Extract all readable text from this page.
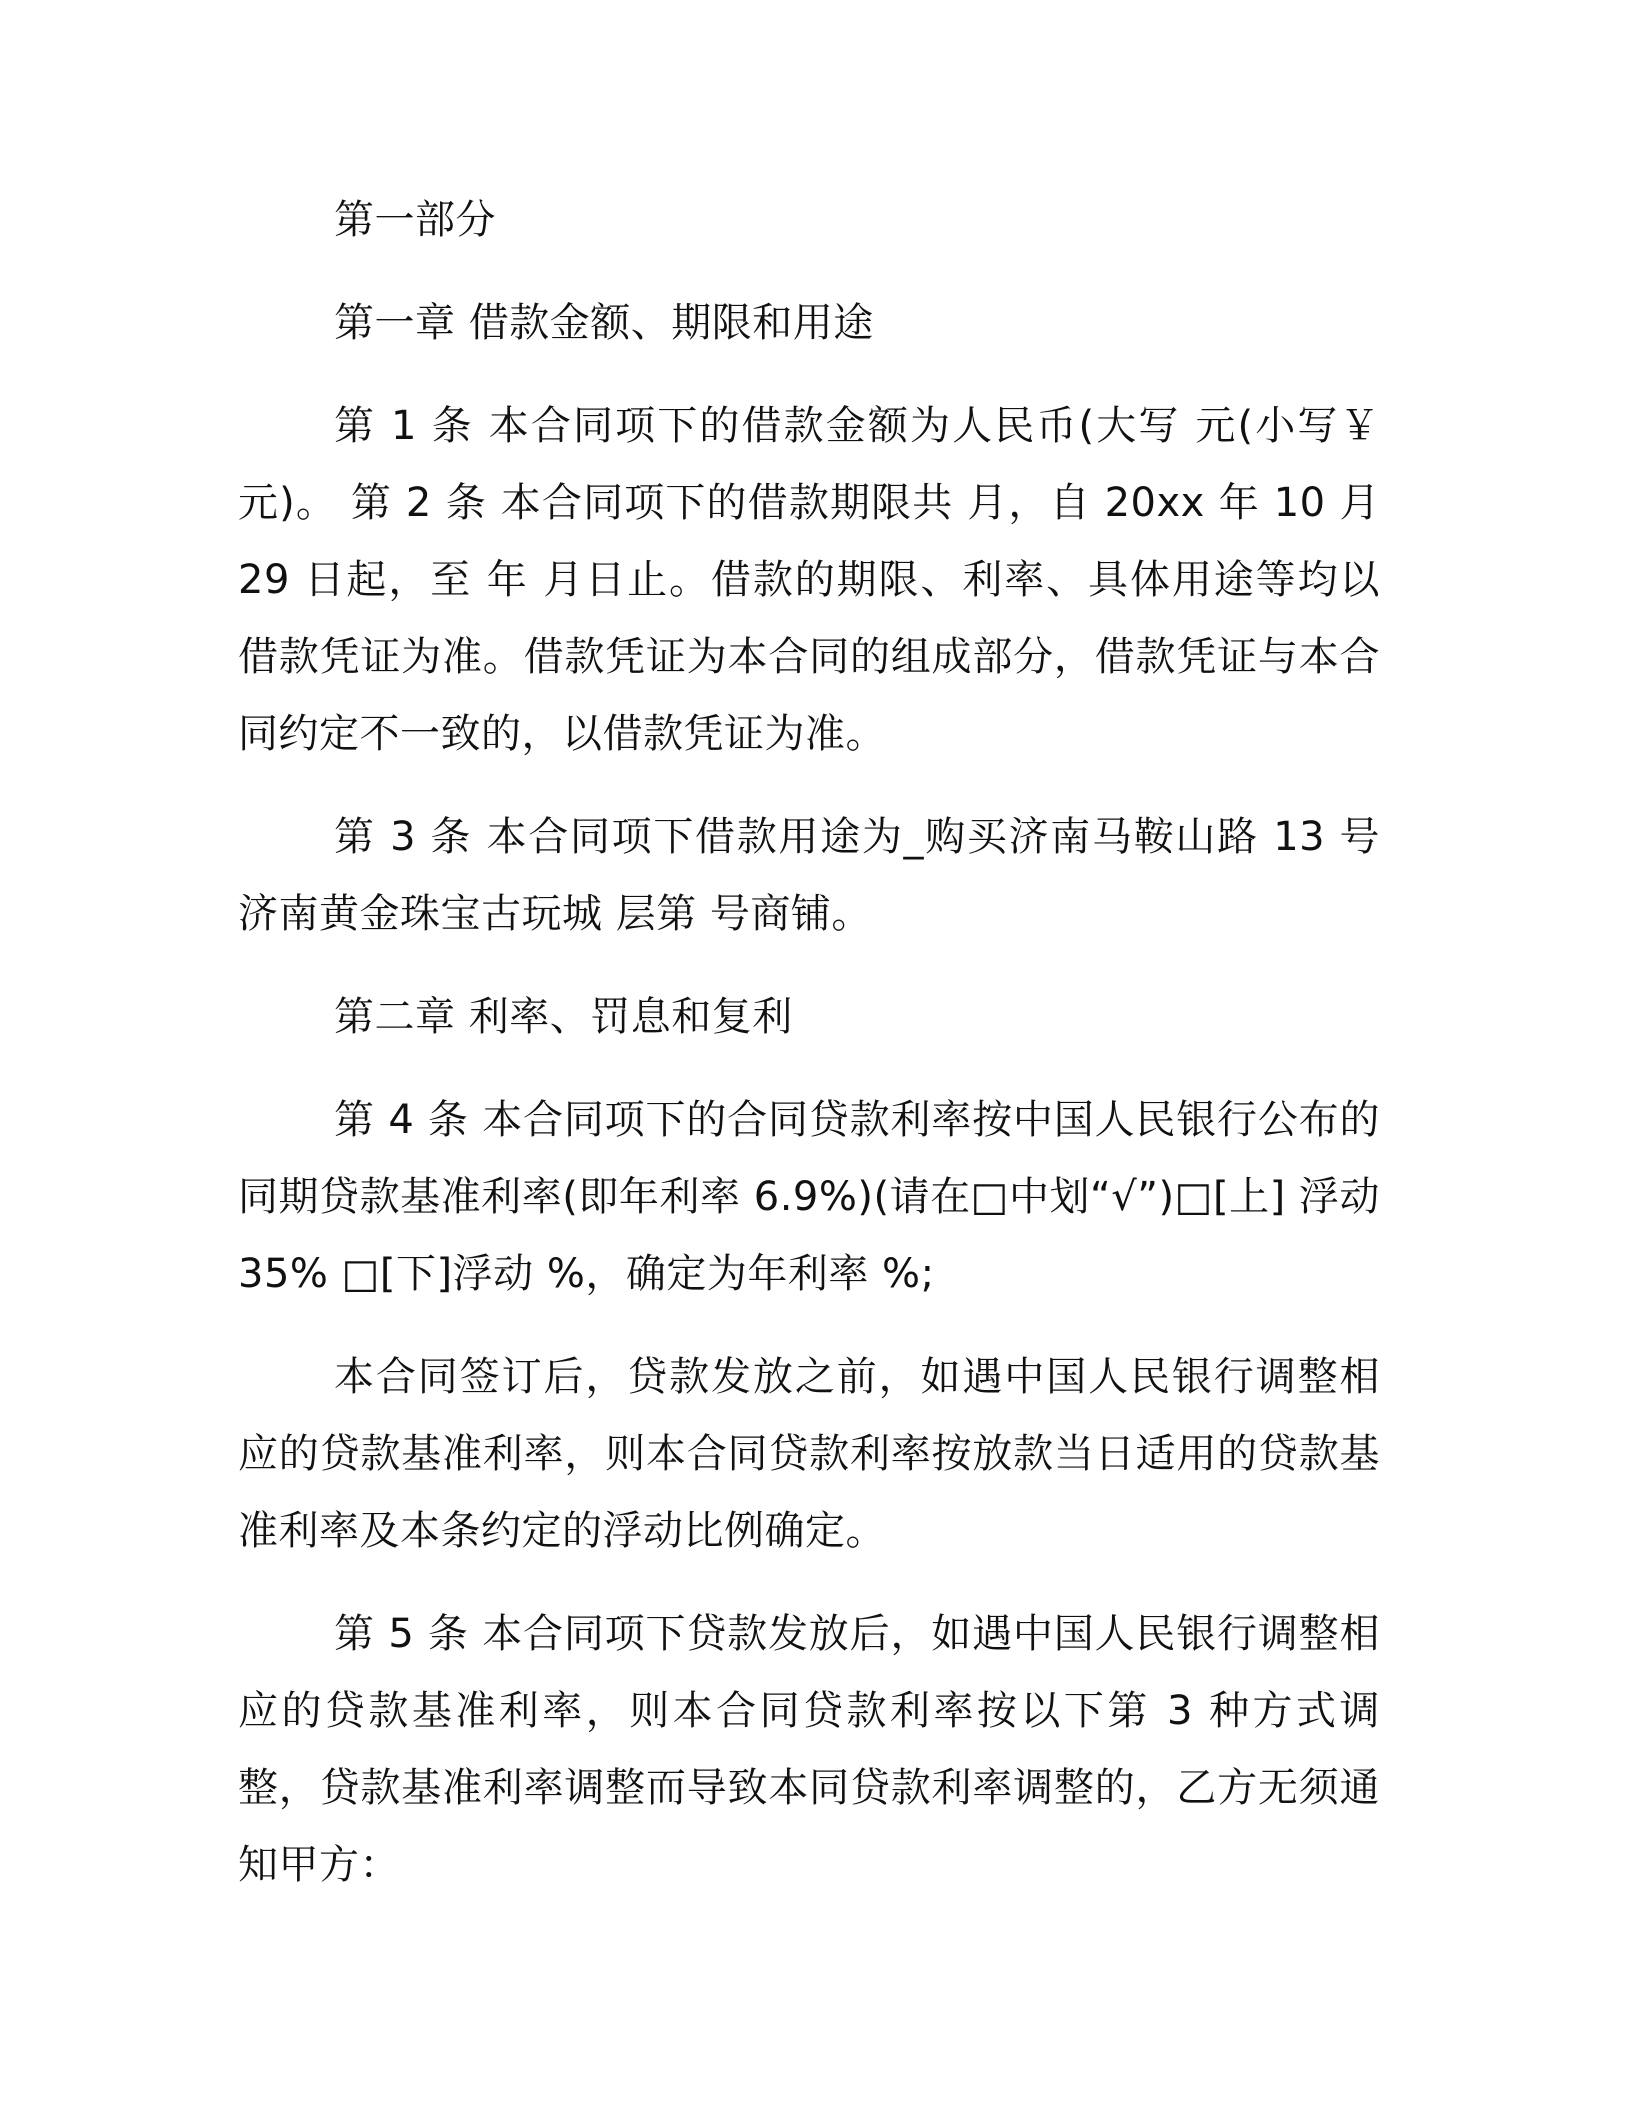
第一部分

第一章 借款金额、期限和用途

第 1 条 本合同项下的借款金额为人民币(大写 元(小写￥ 元)。 第 2 条 本合同项下的借款期限共 月，自 20xx 年 10 月 29 日起，至 年 月日止。借款的期限、利率、具体用途等均以借款凭证为准。借款凭证为本合同的组成部分，借款凭证与本合同约定不一致的，以借款凭证为准。

第 3 条 本合同项下借款用途为_购买济南马鞍山路 13 号济南黄金珠宝古玩城 层第 号商铺。

第二章 利率、罚息和复利

第 4 条 本合同项下的合同贷款利率按中国人民银行公布的同期贷款基准利率(即年利率 6.9%)(请在□中划“√”)□[上] 浮动 35% □[下]浮动 %，确定为年利率 %;

本合同签订后，贷款发放之前，如遇中国人民银行调整相应的贷款基准利率，则本合同贷款利率按放款当日适用的贷款基准利率及本条约定的浮动比例确定。

第 5 条 本合同项下贷款发放后，如遇中国人民银行调整相应的贷款基准利率，则本合同贷款利率按以下第 3 种方式调整，贷款基准利率调整而导致本同贷款利率调整的，乙方无须通知甲方：
